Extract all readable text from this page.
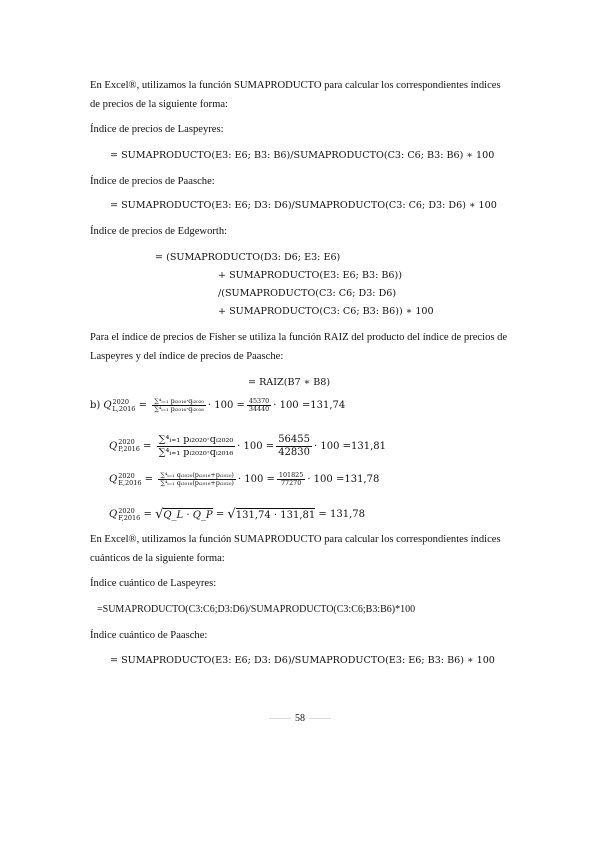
En Excel®, utilizamos la función SUMAPRODUCTO para calcular los correspondientes índices de precios de la siguiente forma:

Índice de precios de Laspeyres:

= SUMAPRODUCTO(E3: E6; B3: B6)/SUMAPRODUCTO(C3: C6; B3: B6) ∗ 100

Índice de precios de Paasche:

= SUMAPRODUCTO(E3: E6; D3: D6)/SUMAPRODUCTO(C3: C6; D3: D6) ∗ 100

Índice de precios de Edgeworth:

= (SUMAPRODUCTO(D3: D6; E3: E6)
+ SUMAPRODUCTO(E3: E6; B3: B6))
/(SUMAPRODUCTO(C3: C6; D3: D6)
+ SUMAPRODUCTO(C3: C6; B3: B6)) ∗ 100

Para el índice de precios de Fisher se utiliza la función RAIZ del producto del índice de precios de Laspeyres y del índice de precios de Paasche:

= RAIZ(B7 ∗ B8)
b) Q 2020
$L,2016 = \frac{\text{∑⁴ᵢ₌₁ pᵢ₂₀₁₆·qᵢ₂₀₂₀}}{\text{∑⁴ᵢ₌₁ pᵢ₂₀₁₆·qᵢ₂₀₁₆}} \cdot 100 = \frac{45370}{34440} \cdot 100 = 131,74$
Q 2020
$P,2016 = \frac{\text{∑⁴ᵢ₌₁ pᵢ₂₀₂₀·qᵢ₂₀₂₀}}{\text{∑⁴ᵢ₌₁ pᵢ₂₀₂₀·qᵢ₂₀₁₆}} \cdot 100 = \frac{56455}{42830} \cdot 100 = 131,81$
Q 2020
$E,2016 = \frac{\text{∑⁴ᵢ₌₁ qᵢ₂₀₂₀(pᵢ₂₀₁₆+pᵢ₂₀₂₀)}}{\text{∑⁴ᵢ₌₁ qᵢ₂₀₁₆(pᵢ₂₀₁₆+pᵢ₂₀₂₀)}} \cdot 100 = \frac{101825}{77270} \cdot 100 = 131,78$
Q 2020
F,2016 = √ Q_L · Q_P = √ 131,74 · 131,81 = 131,78

En Excel®, utilizamos la función SUMAPRODUCTO para calcular los correspondientes índices cuánticos de la siguiente forma:

Índice cuántico de Laspeyres:

=SUMAPRODUCTO(C3:C6;D3:D6)/SUMAPRODUCTO(C3:C6;B3:B6)*100

Índice cuántico de Paasche:

= SUMAPRODUCTO(E3: E6; D3: D6)/SUMAPRODUCTO(E3: E6; B3: B6) ∗ 100
58
